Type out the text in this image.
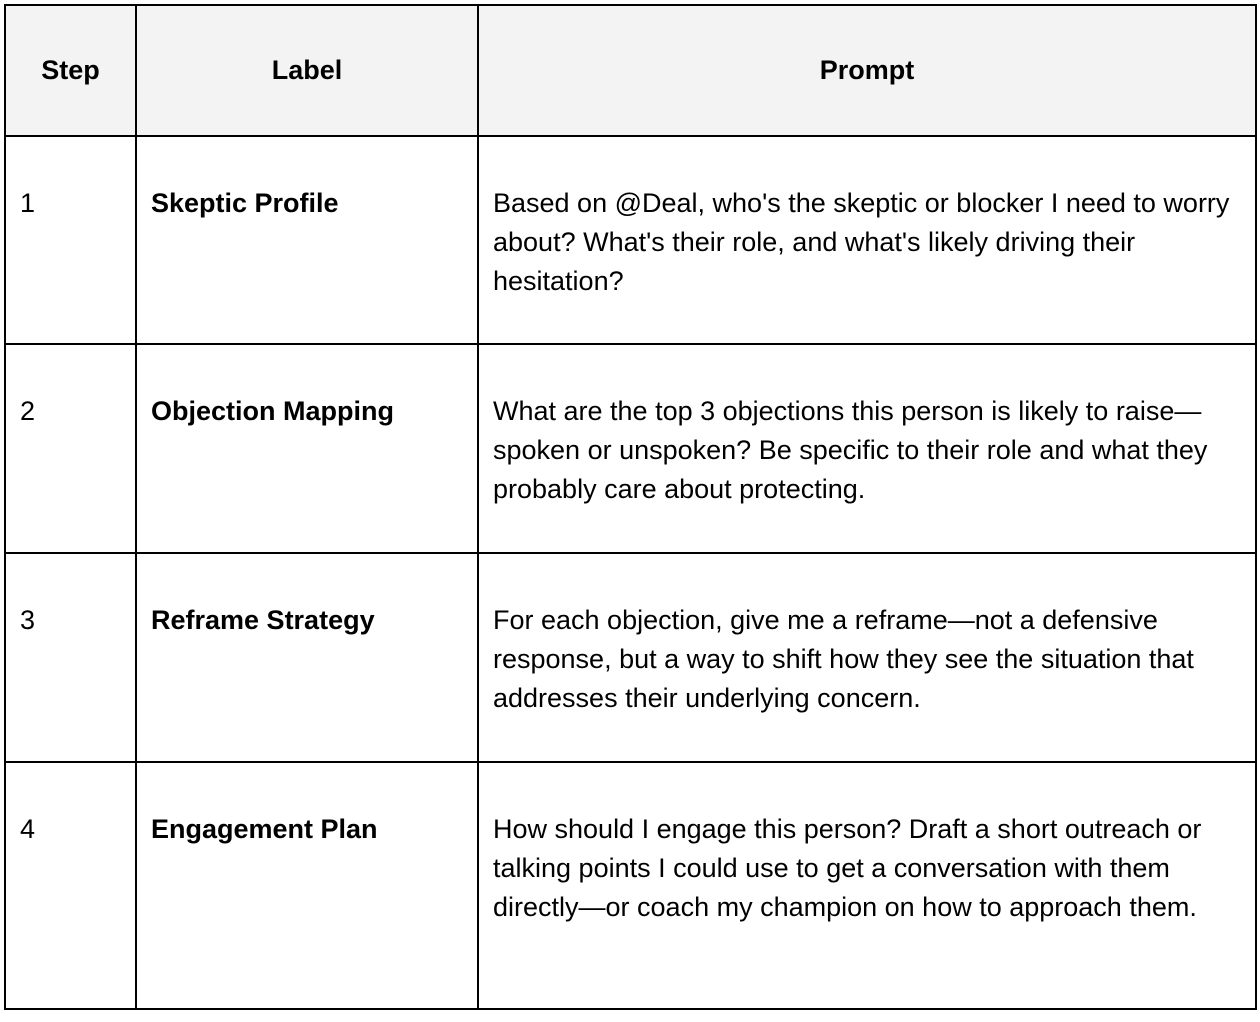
Step	Label	Prompt

1	Skeptic Profile	Based on @Deal, who's the skeptic or blocker I need to worry about? What's their role, and what's likely driving their hesitation?

2	Objection Mapping	What are the top 3 objections this person is likely to raise—spoken or unspoken? Be specific to their role and what they probably care about protecting.

3	Reframe Strategy	For each objection, give me a reframe—not a defensive response, but a way to shift how they see the situation that addresses their underlying concern.

4	Engagement Plan	How should I engage this person? Draft a short outreach or talking points I could use to get a conversation with them directly—or coach my champion on how to approach them.
